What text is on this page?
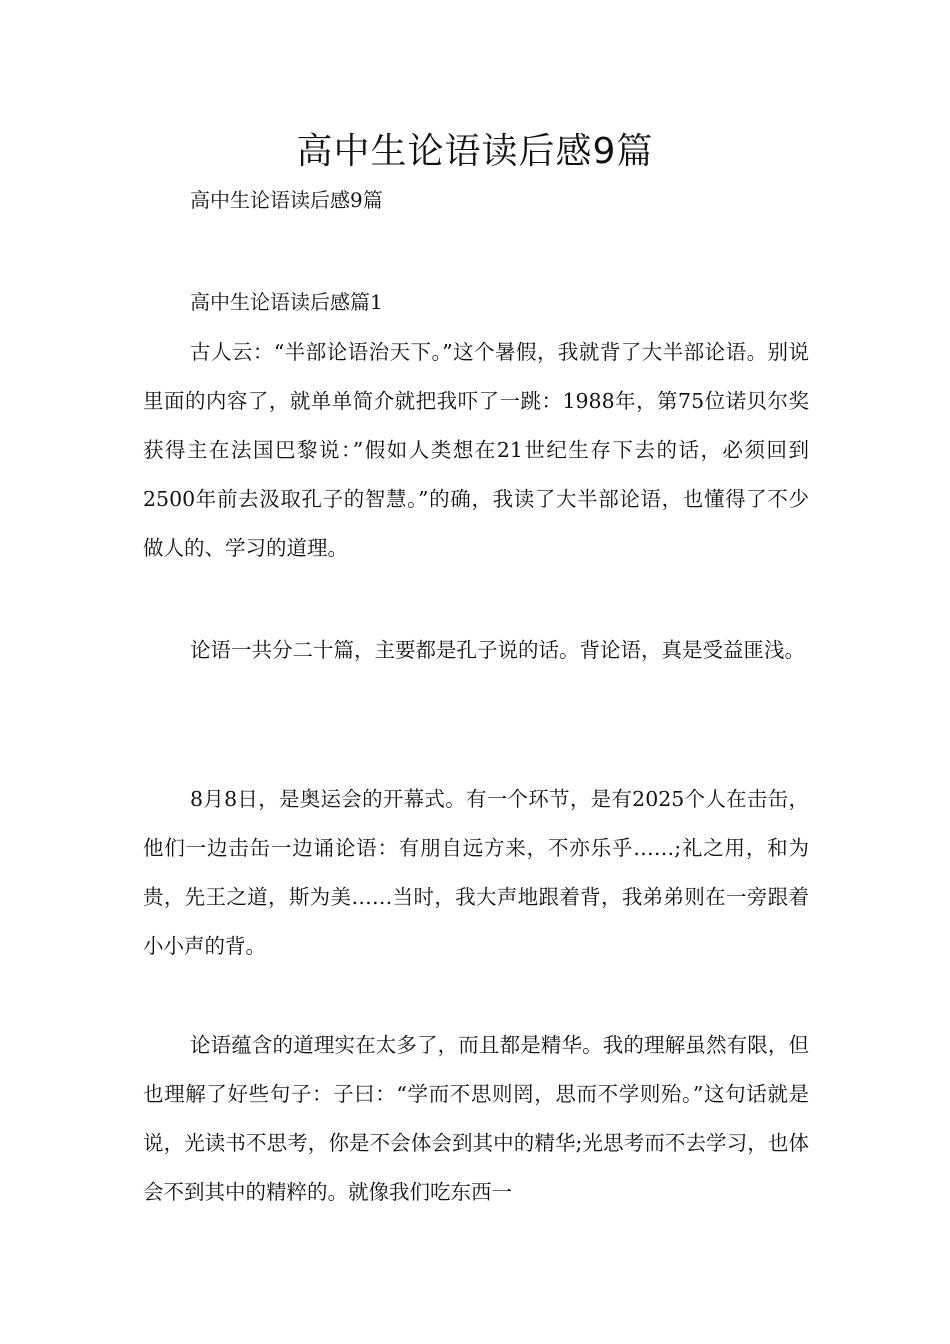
高中生论语读后感9篇

高中生论语读后感9篇

高中生论语读后感篇1

古人云：“半部论语治天下。”这个暑假，我就背了大半部论语。别说里面的内容了，就单单简介就把我吓了一跳：1988年，第75位诺贝尔奖获得主在法国巴黎说：”假如人类想在21世纪生存下去的话，必须回到2500年前去汲取孔子的智慧。”的确，我读了大半部论语，也懂得了不少做人的、学习的道理。

论语一共分二十篇，主要都是孔子说的话。背论语，真是受益匪浅。

8月8日，是奥运会的开幕式。有一个环节，是有2025个人在击缶，他们一边击缶一边诵论语：有朋自远方来，不亦乐乎……;礼之用，和为贵，先王之道，斯为美……当时，我大声地跟着背，我弟弟则在一旁跟着小小声的背。

论语蕴含的道理实在太多了，而且都是精华。我的理解虽然有限，但也理解了好些句子：子曰：“学而不思则罔，思而不学则殆。”这句话就是说，光读书不思考，你是不会体会到其中的精华;光思考而不去学习，也体会不到其中的精粹的。就像我们吃东西一
